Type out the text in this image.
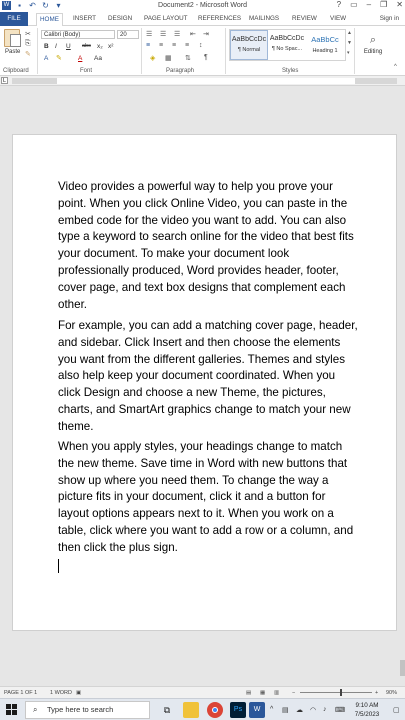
W	▪	↶ ↻ ▾	Document2 - Microsoft Word	? ▭ – ❐ ✕
FILE	HOME	INSERT DESIGN PAGE LAYOUT REFERENCES MAILINGS REVIEW VIEW	Sign in
Paste
✂
⎘
✎
Clipboard
Calibri (Body)	20
B I U abc x₂ x²
A ✎ A Aa
Font
☰ ☰ ☰ ⇤ ⇥
≡ ≡ ≡ ≡ ↕
⇅ ¶
◈ ▦
Paragraph
AaBbCcDc
¶ Normal
AaBbCcDc
¶ No Spac...
AaBbCc
Heading 1
▲
▼
▾
Styles
⌕
Editing
^
L

Video provides a powerful way to help you prove your point. When you click Online Video, you can paste in the embed code for the video you want to add. You can also type a keyword to search online for the video that best fits your document. To make your document look professionally produced, Word provides header, footer, cover page, and text box designs that complement each other.

For example, you can add a matching cover page, header, and sidebar. Click Insert and then choose the elements you want from the different galleries. Themes and styles also help keep your document coordinated. When you click Design and choose a new Theme, the pictures, charts, and SmartArt graphics change to match your new theme.

When you apply styles, your headings change to match the new theme. Save time in Word with new buttons that show up where you need them. To change the way a picture fits in your document, click it and a button for layout options appears next to it. When you work on a table, click where you want to add a row or a column, and then click the plus sign.

PAGE 1 OF 1 1 WORD ▣	▤ ▦ ▥ −	+ 90%
⌕ Type here to search	⧉	Ps	W	^ ▤ ☁ ◠ ♪ ⌨
9:10 AM
7/5/2023
▢
